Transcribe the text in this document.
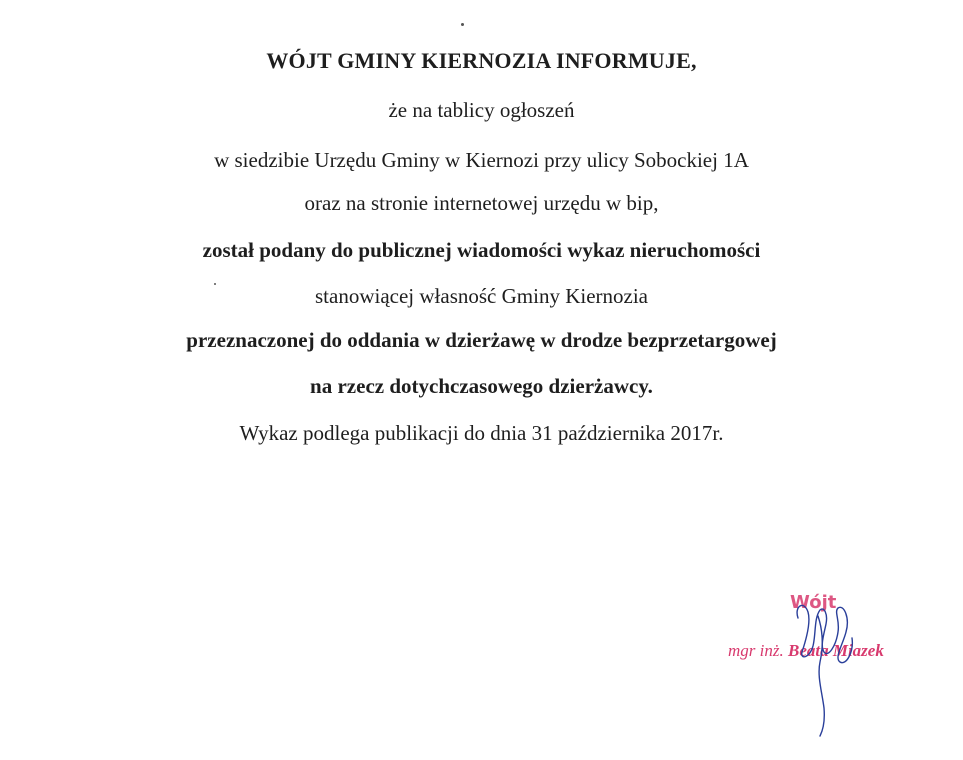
WÓJT GMINY KIERNOZIA INFORMUJE,
że na tablicy ogłoszeń
w siedzibie Urzędu Gminy w Kiernozi przy ulicy Sobockiej 1A
oraz na stronie internetowej urzędu w bip,
został podany do publicznej wiadomości wykaz nieruchomości
stanowiącej własność Gminy Kiernozia
przeznaczonej do oddania w dzierżawę w drodze bezprzetargowej
na rzecz dotychczasowego dzierżawcy.
Wykaz podlega publikacji do dnia 31 października 2017r.
Wójt
mgr inż. Beata Miazek
